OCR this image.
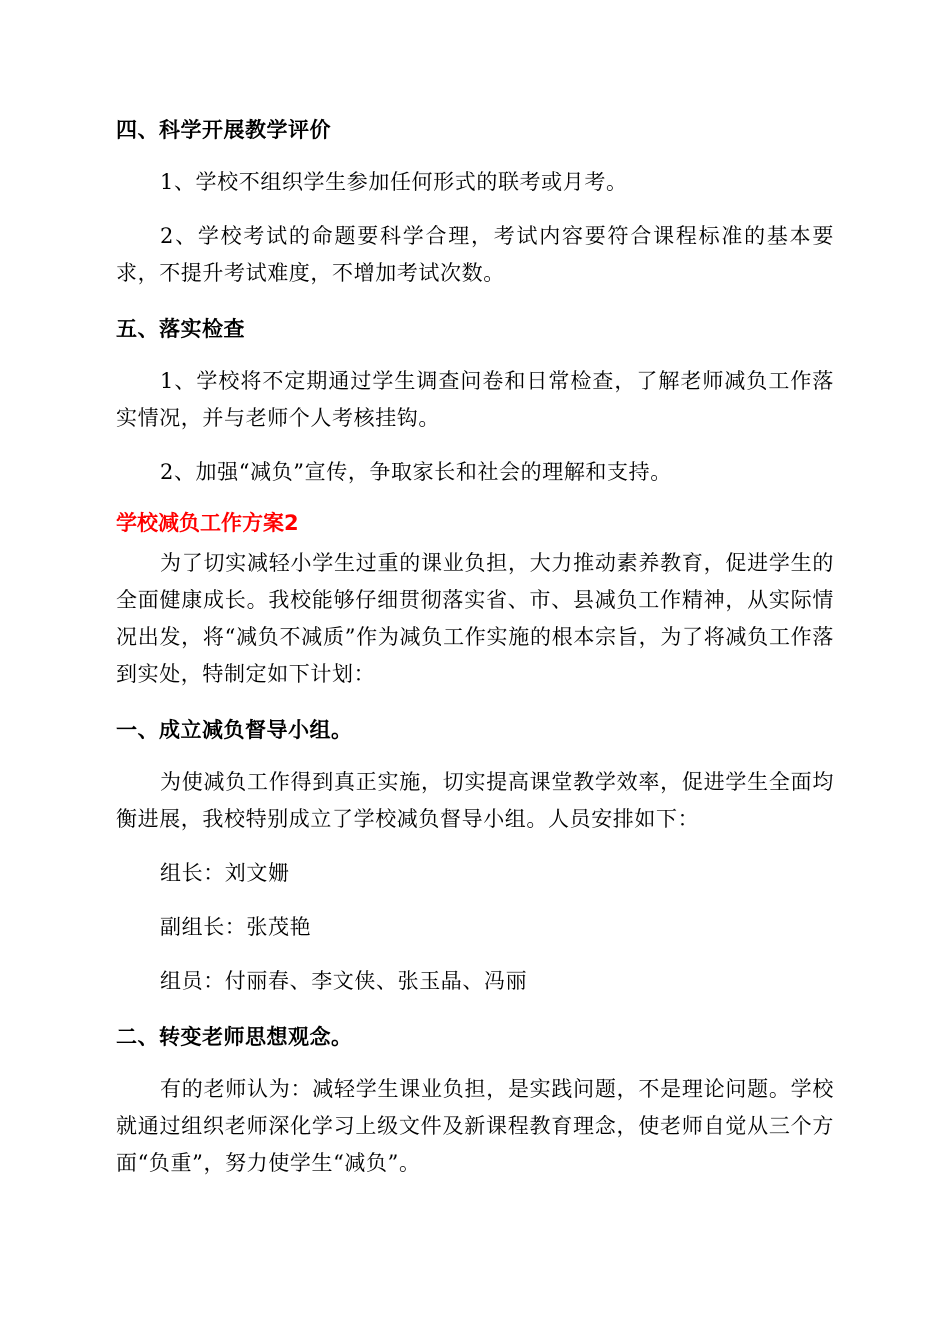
四、科学开展教学评价

1、学校不组织学生参加任何形式的联考或月考。

2、学校考试的命题要科学合理，考试内容要符合课程标准的基本要求，不提升考试难度，不增加考试次数。

五、落实检查

1、学校将不定期通过学生调查问卷和日常检查，了解老师减负工作落实情况，并与老师个人考核挂钩。

2、加强“减负”宣传，争取家长和社会的理解和支持。

学校减负工作方案2

为了切实减轻小学生过重的课业负担，大力推动素养教育，促进学生的全面健康成长。我校能够仔细贯彻落实省、市、县减负工作精神，从实际情况出发，将“减负不减质”作为减负工作实施的根本宗旨，为了将减负工作落到实处，特制定如下计划：

一、成立减负督导小组。

为使减负工作得到真正实施，切实提高课堂教学效率，促进学生全面均衡进展，我校特别成立了学校减负督导小组。人员安排如下：

组长：刘文姗

副组长：张茂艳

组员：付丽春、李文侠、张玉晶、冯丽

二、转变老师思想观念。

有的老师认为：减轻学生课业负担，是实践问题，不是理论问题。学校就通过组织老师深化学习上级文件及新课程教育理念，使老师自觉从三个方面“负重”，努力使学生“减负”。
